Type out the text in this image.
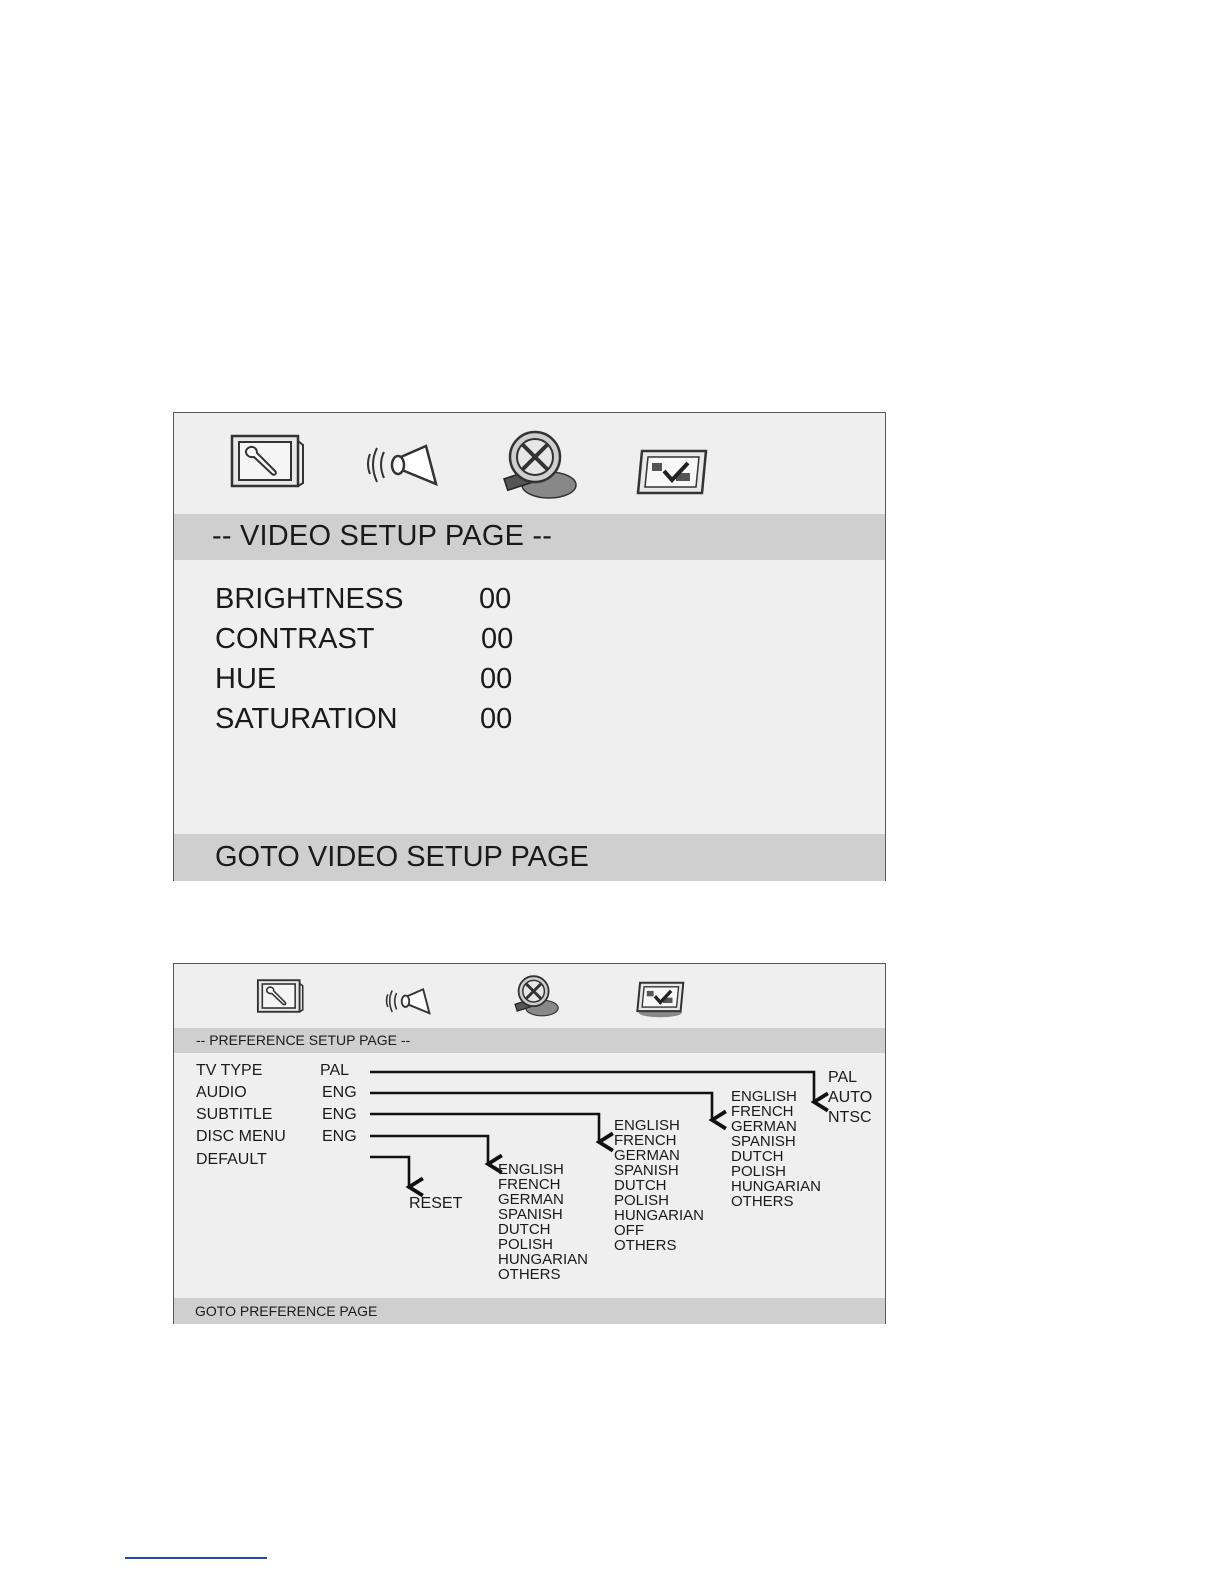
-- VIDEO SETUP PAGE --
BRIGHTNESS	00
CONTRAST	00
HUE	00
SATURATION	00
GOTO VIDEO SETUP PAGE
-- PREFERENCE SETUP PAGE --
TV TYPE	PAL
AUDIO	ENG
SUBTITLE	ENG
DISC MENU ENG
DEFAULT
PAL
AUTO
NTSC
ENGLISH
FRENCH
GERMAN
SPANISH
DUTCH
POLISH
HUNGARIAN
OTHERS
ENGLISH
FRENCH
GERMAN
SPANISH
DUTCH
POLISH
HUNGARIAN
OFF
OTHERS
ENGLISH
FRENCH
GERMAN
SPANISH
DUTCH
POLISH
HUNGARIAN
OTHERS
RESET
GOTO PREFERENCE PAGE
